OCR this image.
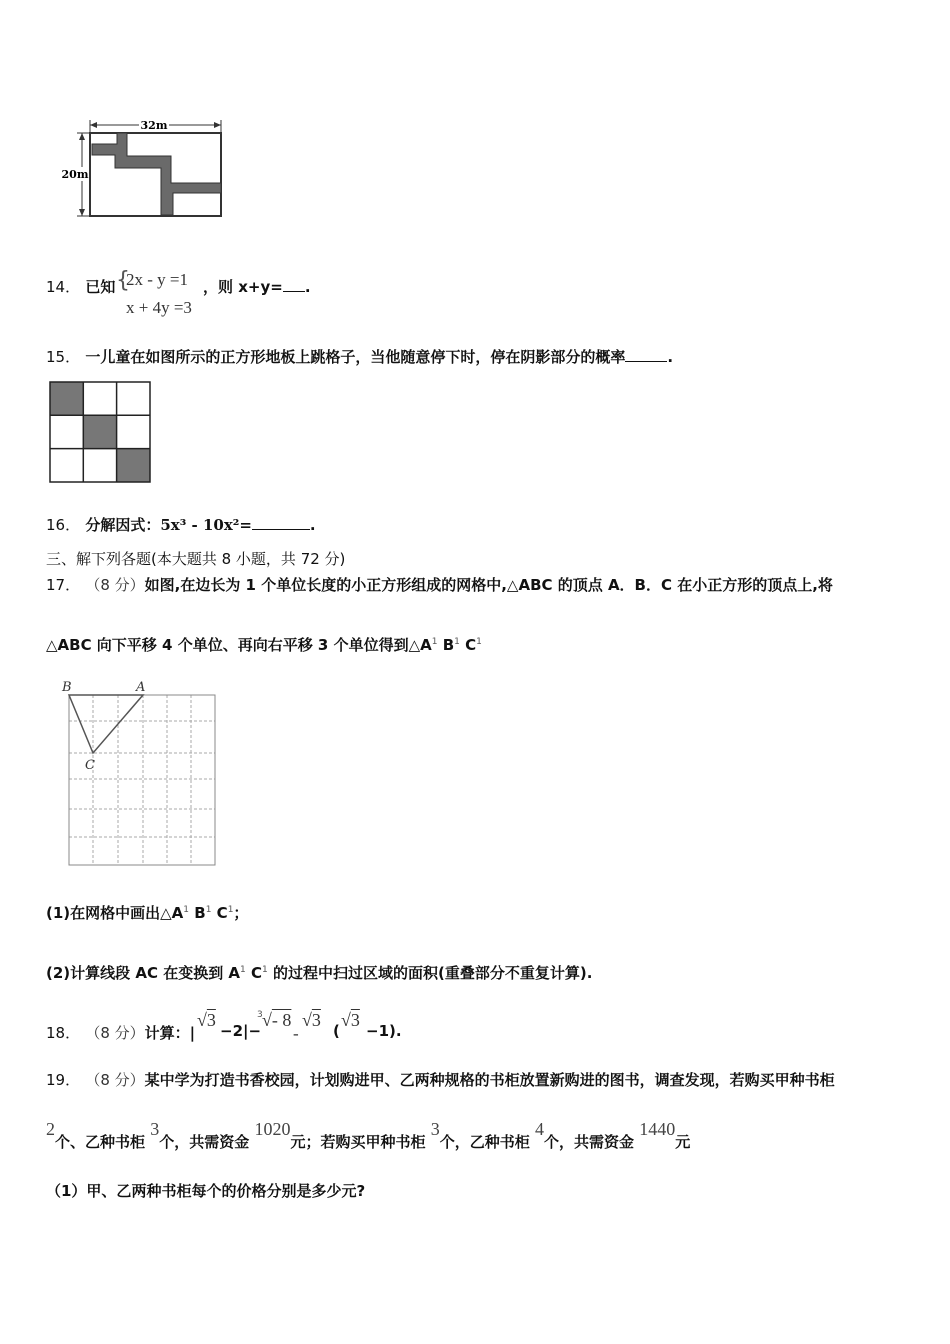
32m
20m
14． 已知 {
2x - y =1
x + 4y =3
，则 x+y= .
15． 一儿童在如图所示的正方形地板上跳格子，当他随意停下时，停在阴影部分的概率	.
16． 分解因式：5x³ - 10x²=	.
三、解下列各题(本大题共 8 小题，共 72 分)
17． （8 分）如图,在边长为 1 个单位长度的小正方形组成的网格中,△ABC 的顶点 A．B．C 在小正方形的顶点上,将
△ABC 向下平移 4 个单位、再向右平移 3 个单位得到$\triangle A^1$ $B^1$ $C^1$
B	A
C
(1)在网格中画出$\triangle A^1$ $B^1$ $C^1$；
(2)计算线段 AC 在变换到 $A^1$ $C^1$ 的过程中扫过区域的面积(重叠部分不重复计算).
18． （8 分）计算：|
√3
−2|−
3 √- 8
-
√3
(
√3
−1).
19． （8 分）某中学为打造书香校园，计划购进甲、乙两种规格的书柜放置新购进的图书，调查发现，若购买甲种书柜
2个、乙种书柜 3个，共需资金 1020元；若购买甲种书柜 3个，乙种书柜 4个，共需资金 1440元
（1）甲、乙两种书柜每个的价格分别是多少元?
